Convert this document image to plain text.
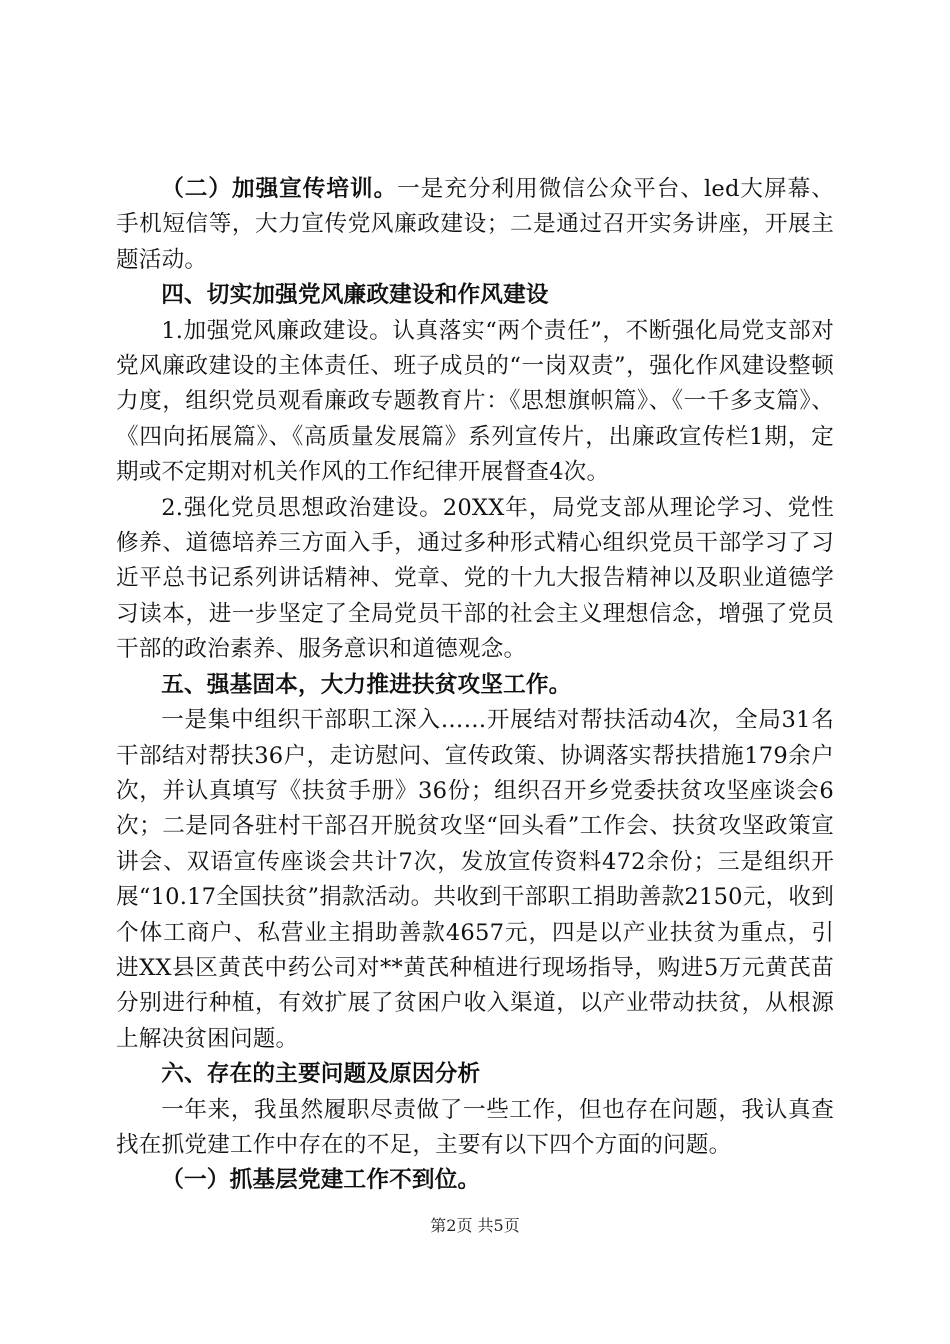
（二）加强宣传培训。一是充分利用微信公众平台、led大屏幕、手机短信等，大力宣传党风廉政建设；二是通过召开实务讲座，开展主题活动。

四、切实加强党风廉政建设和作风建设

1.加强党风廉政建设。认真落实“两个责任”，不断强化局党支部对党风廉政建设的主体责任、班子成员的“一岗双责”，强化作风建设整顿力度，组织党员观看廉政专题教育片：《思想旗帜篇》、《一千多支篇》、《四向拓展篇》、《高质量发展篇》系列宣传片，出廉政宣传栏1期，定期或不定期对机关作风的工作纪律开展督查4次。

2.强化党员思想政治建设。20XX年，局党支部从理论学习、党性修养、道德培养三方面入手，通过多种形式精心组织党员干部学习了习近平总书记系列讲话精神、党章、党的十九大报告精神以及职业道德学习读本，进一步坚定了全局党员干部的社会主义理想信念，增强了党员干部的政治素养、服务意识和道德观念。

五、强基固本，大力推进扶贫攻坚工作。

一是集中组织干部职工深入……开展结对帮扶活动4次，全局31名干部结对帮扶36户，走访慰问、宣传政策、协调落实帮扶措施179余户次，并认真填写《扶贫手册》36份；组织召开乡党委扶贫攻坚座谈会6次；二是同各驻村干部召开脱贫攻坚“回头看”工作会、扶贫攻坚政策宣讲会、双语宣传座谈会共计7次，发放宣传资料472余份；三是组织开展“10.17全国扶贫”捐款活动。共收到干部职工捐助善款2150元，收到个体工商户、私营业主捐助善款4657元，四是以产业扶贫为重点，引进XX县区黄芪中药公司对**黄芪种植进行现场指导，购进5万元黄芪苗分别进行种植，有效扩展了贫困户收入渠道，以产业带动扶贫，从根源上解决贫困问题。

六、存在的主要问题及原因分析

一年来，我虽然履职尽责做了一些工作，但也存在问题，我认真查找在抓党建工作中存在的不足，主要有以下四个方面的问题。

（一）抓基层党建工作不到位。

第2页 共5页
